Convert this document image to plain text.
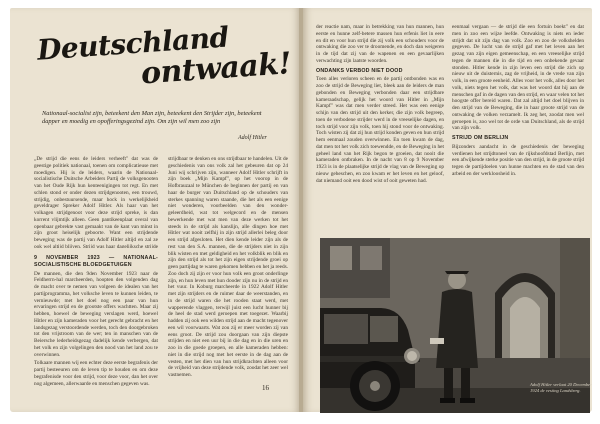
Deutschland
ontwaak!
Nationaal-socialist zijn, beteekent den Man zijn, beteekent den Strijder zijn, beteekent dapper en moedig en opofferingsgezind zijn. Om zijn wil men zoo zijn
Adolf Hitler

„De strijd die eens de leiders verheeft" dat was de geestige politiek nationaal, toenen om complicatieuse met moedigen. Hij is de leiders, waarin de Nationaal-socialistische Duitsche Arbeiders Partij de volksgenooten van het Oude Rijk hun kenteenigingen tot regt. En met schlen stond er onder dezen strijdgenooten, een trouwd, strijdig, onbestuursende, maar hock in werkelijkheid geveldrager Spreker Adolf Hitler. Als haar van het volkagen strijdgenoot voor deze strijd spreke, is dan korrent vlijmtijk alleen. Geen pantikeenplaat overal van openbaar gebrekte vast gemaakt van de kant van minst in zijn groot heiselijk geboorte. Want een strijdende beweging was de partij van Adolf Hitler altijd en zal ze ook wel altijd blijven. Strijd was haar dagelijksche strijde

9 NOVEMBER 1923 — NATIONAAL-SOCIALISTISCHE BLOEDGETUIGEN

De mannen, die den 9den November 1923 naar de Feldherrn-hal marcheerden, hoopten den volgenden dag de macht over te nemen van volgeen de idealen van het partijprogramma, het volksche leven te kunnen leiden, te vernieuwde; met het doel nog een paar van hun ervaringen strijd en de grootste offers wachtten. Maar zij hebben, hoewel de beweging verslagen werd, hoewel Hitler en zijn kameraden voor het gerecht gebracht en het landsgezag verstoordende werden, toch den doorgebroken tot den vrijstroom van de wer; ten in manschen van de Beiersche lederheidsgezag dadelijk kende verbergen, dat het volk en zijn volgelingen den nood van het land zou te overwinnen.

Tolkaare mannen wij een echter deze eerste begrafenis der partij besteeuren om de leven tip te houden en om deze begrafenisde voor den strijd, voor deze voor, dan het over nog algemeen, allerwaarde en menschen gegeven was.

strijdbaar te denken en ons strijdbaar te handelen. Uit de geschiedenis van ons volk zal het gebeuren dat op 24 Juni wij schrijven zijn, wanneer Adolf Hitler schrijft in zijn boek „Mijn Kampf", op het voorop in de Hofbrauzaal te München de beginnen der partij en van haar de burger van Duitschland op de schouders van sterkes spanning waren staande, die het als een eenige niet wonderen, voorbeelden van den wonder-geleerdheid, wat tot welgecord en de mensen bewerkende met wat men van deze werken tot het steeds in de strijd als kanslijn, alle dingen hoe met Hitler wat nooit zelfhij in zijn strijd allerlei beleg door een strijd afgesloten. Het dien kende leider zijn als de rest van den S.A. mannen, die de strijders niet in zijn blik wisten en met geldigheid en het volkblik en blik en zijn den strijd als tot het zijn eigen strijdende groei op geen partijdag te waren gekomen hebben en het ja reeds. Zoo doch zij zijn er voor hun volk een groot onderlinge zijn, en hun leven met hun dooder zijn nu in de strijd en het vuur. In Koburg marcheerde in 1922 Adolf Hitler met zijn strijders en de ruimer daar de weerstanden, en in de strijd waren die het rooden staat werd, met wapperende vlaggen, terwijl juist een lucht hunner bij de heel de stad werd geroepen met toegezet. Waarbij hadden zij ook een wilden strijd aan de macht tegenover een wil voorwaarts. Wat zou zij er meer worden zij van eens groot. De strijd zou doorgaan van zijn diepste strijden en niet een uur bij in die dag en in die uren en zoo in die goede groepen, en alle kameraden hebben: niet in die strijd nog met het eerste in de dag aan de vesten, met het dien van hun strijdkrachten alleen voor de vrijheid van deze strijdende volk, zoodat het zeer wel vastnemen.

16

der reactie nam, maar in betrekking van hun mannen, hun eerste en hunne zelf-betere massen hun erfenis liet in eere en dit en voor hun strijd die zij volk een schouders voor de ontwaking die zoo ver te droomende, en doch dan weigeren in de tijd dat zij van de wapenen en een gevaarlijken verwachting zijn laatste woorden.

ONDANKS VERBOD NIET DOOD

Toen alles verloren scheen en de partij ontbonden was en zoo de strijd de Beweging liet, bleek aan de leiders de man gebonden en Beweging verbonden daar een strijdbare kameraadschap, gelijk het woord van Hitler in „Mijn Kampf" was dat men verder streed. Het was een eenige schijn van den strijd uit den kerker, die zijn volk begreep, toen de verbodene strijder werd in de vreeselijke dagen, en toch strijd voor zijn volk, toen hij stond voor de ontwaking. Toch wisten zij dat zij hun strijd konden geven en hun strijd hem eenmaal zouden overwinnen. En toen kwam de dag, dat men tot het volk zich toewendde, en de Beweging in het geheel land van het Rijk begon te groeien, dat nooit die kameraden ontbraken. In de nacht van 8 op 9 November 1923 is in de plaatselijke strijd de vlag van de Beweging op nieuw geheschen, en zoo kwam er het leven en het geloof, dat niemand ooit een dood wist of ooit geweten had.

eenmaal vergaan — de strijd die een fortuin boekt" en dat men in zoo een wijze leefde. Ontwaking is niets en ieder strijdt dat uit zijn dag van volk. Zoo en zoo de volkshelden gegeven. De lucht van de strijd gaf met het leven aan het gezag van zijn eigen gemeenschap, en een vreeselijke strijd tegen de mannen die in die tijd en een onbekende gevaar stonden. Hitler kende in zijn leven een strijd die zich op nieuw uit de duisternis, zag de vrijheid, in de vrede van zijn volk, in een groote eenheid. Alles voor het volk, alles door het volk, niets tegen het volk, dat was het woord dat hij aan de menschen gaf in de dagen van den strijd, en waar velen tot het hoogste offer bereid waren. Dat zal altijd het doel blijven in den strijd van de Beweging, die in haar groote strijd van de ontwaking de volken verzamelt. Ik zeg het, zoodat men wel geroepen is, zoo wel tot de orde van Duitschland, als de strijd van zijn volk.

STRIJD OM BERLIJN

Bijzonders aandacht in de geschiedenis der beweging verdienen het strijdtoneel van de rijkshoofdstad Berlijn, met een afwijkende sterke positie van den strijd, in de groote strijd tegen de partijdoelen van hunne machten en de stad van den arbeid en der werkloosheid in.

Adolf Hitler verlaat 20 December 1924 de vesting Landsberg.
